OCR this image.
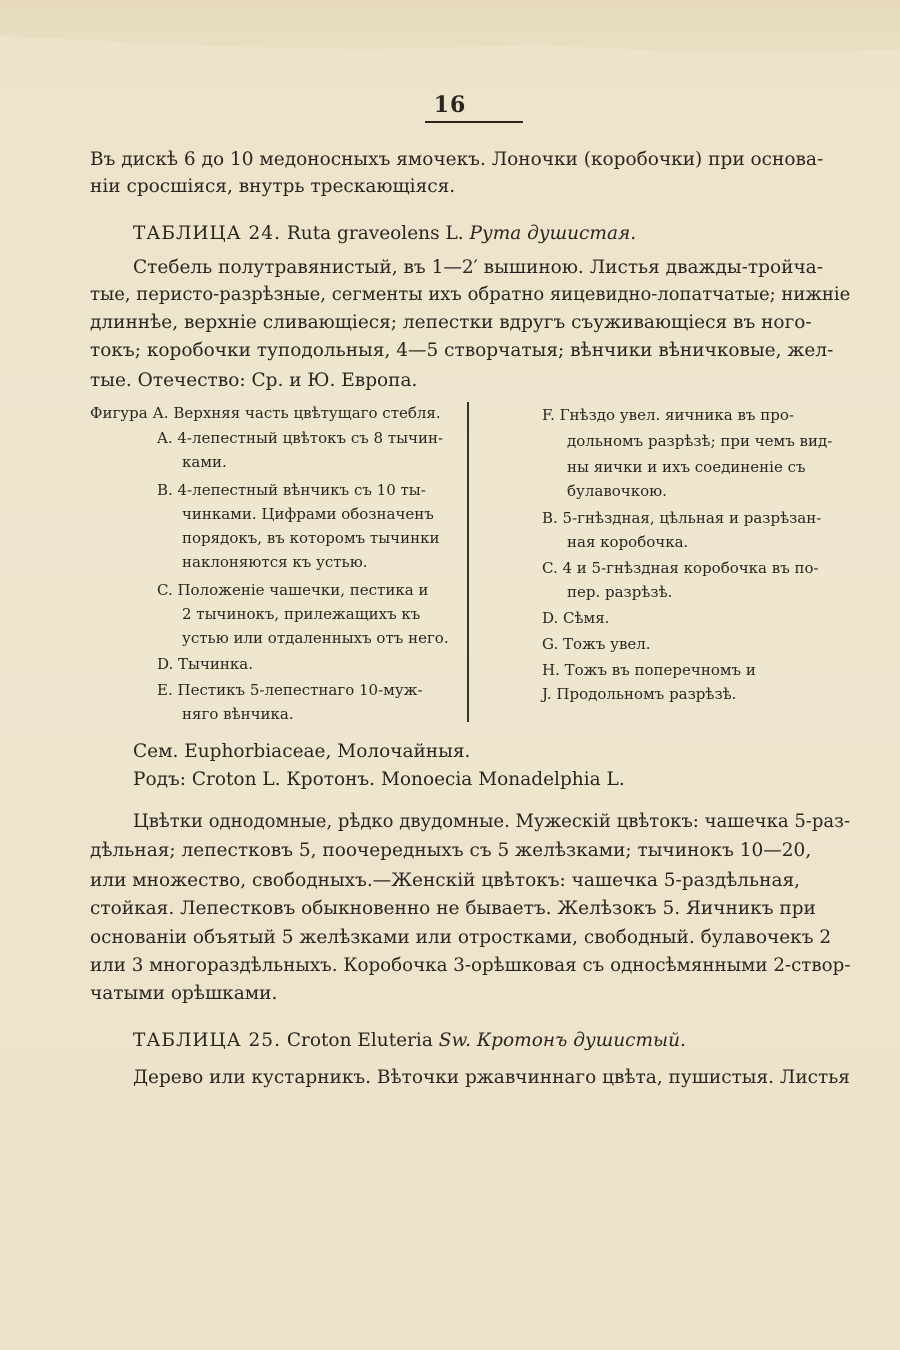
16
Въ дискѣ 6 до 10 медоносныхъ ямочекъ. Лоночки (коробочки) при основа-
ніи сросшіяся, внутрь трескающіяся.
ТАБЛИЦА 24. Ruta graveolens L. Рута душистая.
Стебель полутравянистый, въ 1—2′ вышиною. Листья дважды-тройча-
тые, перисто-разрѣзные, сегменты ихъ обратно яицевидно-лопатчатые; нижніе
длиннѣе, верхніе сливающіеся; лепестки вдругъ съуживающіеся въ ного-
токъ; коробочки туподольныя, 4—5 створчатыя; вѣнчики вѣничковые, жел-
тые. Отечество: Ср. и Ю. Европа.
Фигура А. Верхняя часть цвѣтущаго стебля.
A. 4-лепестный цвѣтокъ съ 8 тычин-
ками.
B. 4-лепестный вѣнчикъ съ 10 ты-
чинками. Цифрами обозначенъ
порядокъ, въ которомъ тычинки
наклоняются къ устью.
C. Положеніе чашечки, пестика и
2 тычинокъ, прилежащихъ къ
устью или отдаленныхъ отъ него.
D. Тычинка.
E. Пестикъ 5-лепестнаго 10-муж-
няго вѣнчика.
F. Гнѣздо увел. яичника въ про-
дольномъ разрѣзѣ; при чемъ вид-
ны яички и ихъ соединеніе съ
булавочкою.
B. 5-гнѣздная, цѣльная и разрѣзан-
ная коробочка.
C. 4 и 5-гнѣздная коробочка въ по-
пер. разрѣзѣ.
D. Сѣмя.
G. Тожъ увел.
H. Тожъ въ поперечномъ и
J. Продольномъ разрѣзѣ.
Сем. Euphorbiaceae, Молочайныя.
Родъ: Croton L. Кротонъ. Monoecia Monadelphia L.
Цвѣтки однодомные, рѣдко двудомные. Мужескій цвѣтокъ: чашечка 5-раз-
дѣльная; лепестковъ 5, поочередныхъ съ 5 желѣзками; тычинокъ 10—20,
или множество, свободныхъ.—Женскій цвѣтокъ: чашечка 5-раздѣльная,
стойкая. Лепестковъ обыкновенно не бываетъ. Желѣзокъ 5. Яичникъ при
основаніи объятый 5 желѣзками или отростками, свободный. булавочекъ 2
или 3 многораздѣльныхъ. Коробочка 3-орѣшковая съ односѣмянными 2-створ-
чатыми орѣшками.
ТАБЛИЦА 25. Croton Eluteria Sw. Кротонъ душистый.
Дерево или кустарникъ. Вѣточки ржавчиннаго цвѣта, пушистыя. Листья
